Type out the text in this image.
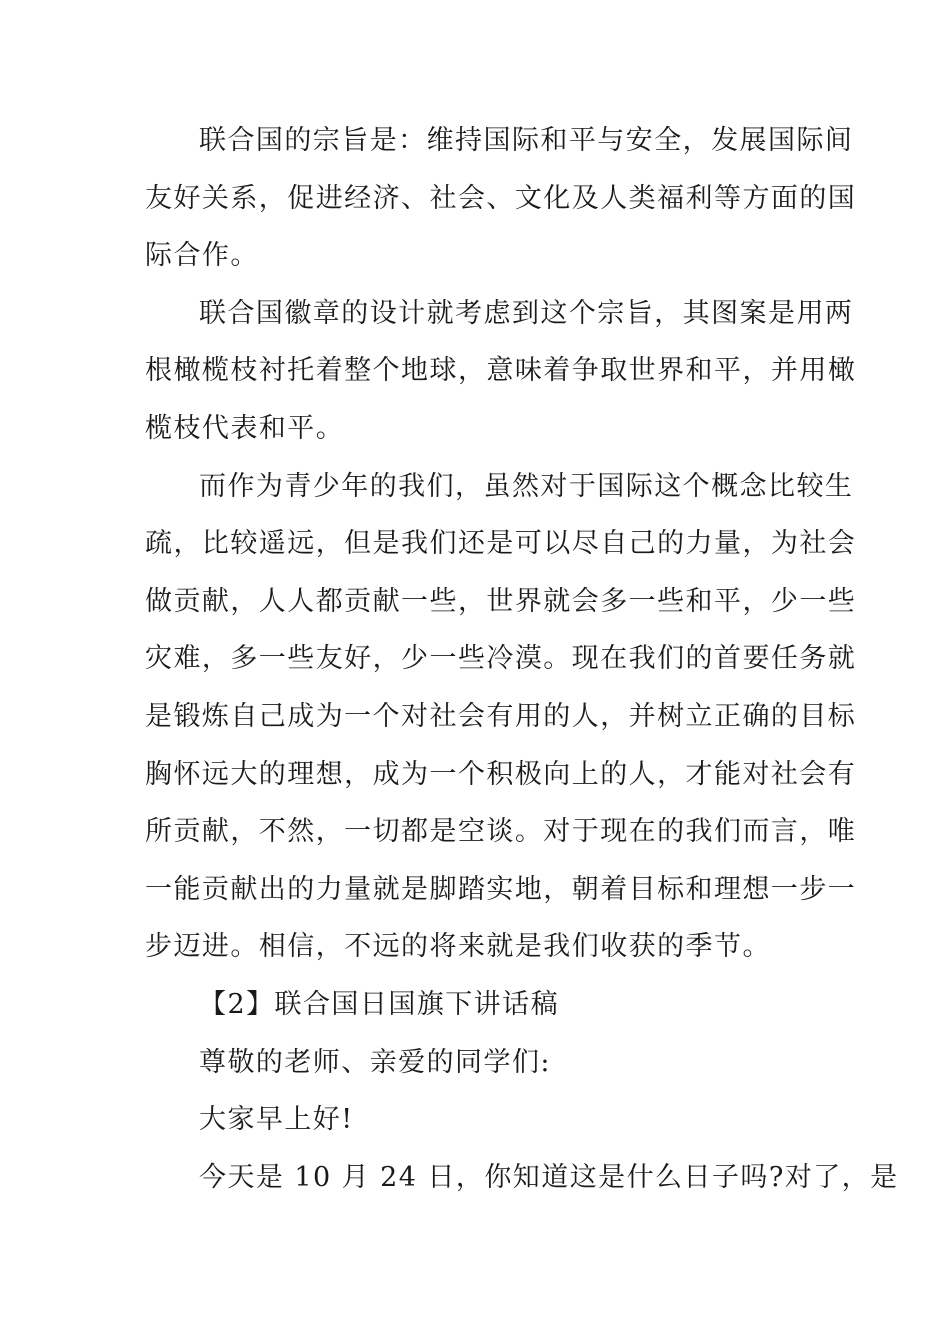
联合国的宗旨是：维持国际和平与安全，发展国际间
友好关系，促进经济、社会、文化及人类福利等方面的国
际合作。
联合国徽章的设计就考虑到这个宗旨，其图案是用两
根橄榄枝衬托着整个地球，意味着争取世界和平，并用橄
榄枝代表和平。
而作为青少年的我们，虽然对于国际这个概念比较生
疏，比较遥远，但是我们还是可以尽自己的力量，为社会
做贡献，人人都贡献一些，世界就会多一些和平，少一些
灾难，多一些友好，少一些冷漠。现在我们的首要任务就
是锻炼自己成为一个对社会有用的人，并树立正确的目标
胸怀远大的理想，成为一个积极向上的人，才能对社会有
所贡献，不然，一切都是空谈。对于现在的我们而言，唯
一能贡献出的力量就是脚踏实地，朝着目标和理想一步一
步迈进。相信，不远的将来就是我们收获的季节。
【2】联合国日国旗下讲话稿
尊敬的老师、亲爱的同学们:
大家早上好!
今天是 10 月 24 日，你知道这是什么日子吗?对了，是
